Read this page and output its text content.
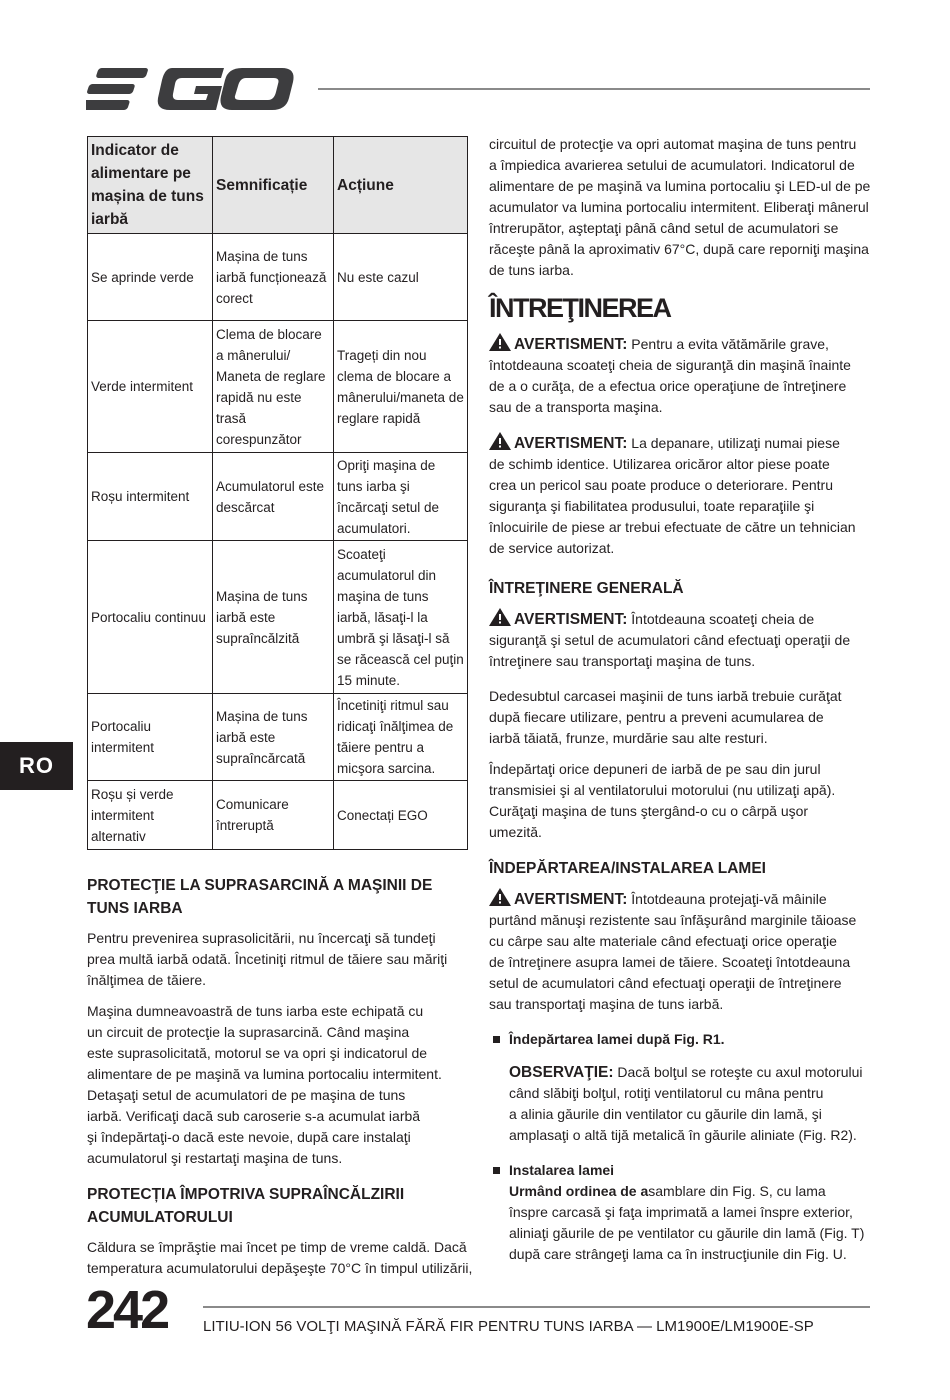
RO
Indicator de alimentare pe mașina de tuns iarbă	Semnificație	Acțiune
Se aprinde verde	Mașina de tuns iarbă funcționează corect	Nu este cazul
Verde intermitent	Clema de blocare a mânerului/ Maneta de reglare rapidă nu este trasă corespunzător	Trageți din nou clema de blocare a mânerului/maneta de reglare rapidă
Roșu intermitent	Acumulatorul este descărcat	Opriţi maşina de tuns iarba şi încărcaţi setul de acumulatori.
Portocaliu continuu	Mașina de tuns iarbă este supraîncălzită	Scoateţi acumulatorul din maşina de tuns iarbă, lăsaţi-l la umbră şi lăsaţi-l să se răcească cel puţin 15 minute.
Portocaliu intermitent	Mașina de tuns iarbă este supraîncărcată	Încetiniţi ritmul sau ridicaţi înălţimea de tăiere pentru a micşora sarcina.
Roșu și verde intermitent alternativ	Comunicare întreruptă	Conectați EGO
PROTECŢIE LA SUPRASARCINĂ A MAŞINII DE
TUNS IARBA

Pentru prevenirea suprasolicitării, nu încercaţi să tundeţi
prea multă iarbă odată. Încetiniţi ritmul de tăiere sau măriţi
înălţimea de tăiere.

Maşina dumneavoastră de tuns iarba este echipată cu
un circuit de protecţie la suprasarcină. Când maşina
este suprasolicitată, motorul se va opri şi indicatorul de
alimentare de pe maşină va lumina portocaliu intermitent.
Detaşaţi setul de acumulatori de pe maşina de tuns
iarbă. Verificaţi dacă sub caroserie s-a acumulat iarbă
şi îndepărtaţi-o dacă este nevoie, după care instalaţi
acumulatorul şi restartaţi maşina de tuns.

PROTECȚIA ÎMPOTRIVA SUPRAÎNCĂLZIRII
ACUMULATORULUI

Căldura se împrăştie mai încet pe timp de vreme caldă. Dacă
temperatura acumulatorului depăşeşte 70°C în timpul utilizării,

circuitul de protecţie va opri automat maşina de tuns pentru
a împiedica avarierea setului de acumulatori. Indicatorul de
alimentare de pe maşină va lumina portocaliu şi LED-ul de pe
acumulator va lumina portocaliu intermitent. Eliberaţi mânerul
întrerupător, aşteptaţi până când setul de acumulatori se
răceşte până la aproximativ 67°C, după care reporniţi maşina
de tuns iarba.

ÎNTREŢINEREA

AVERTISMENT: Pentru a evita vătămările grave,
întotdeauna scoateţi cheia de siguranţă din maşină înainte
de a o curăţa, de a efectua orice operaţiune de întreţinere
sau de a transporta maşina.

AVERTISMENT: La depanare, utilizaţi numai piese
de schimb identice. Utilizarea oricăror altor piese poate
crea un pericol sau poate produce o deteriorare. Pentru
siguranţa şi fiabilitatea produsului, toate reparaţiile şi
înlocuirile de piese ar trebui efectuate de către un tehnician
de service autorizat.

ÎNTREŢINERE GENERALĂ

AVERTISMENT: Întotdeauna scoateţi cheia de
siguranţă şi setul de acumulatori când efectuaţi operaţii de
întreţinere sau transportaţi maşina de tuns.

Dedesubtul carcasei maşinii de tuns iarbă trebuie curăţat
după fiecare utilizare, pentru a preveni acumularea de
iarbă tăiată, frunze, murdărie sau alte resturi.

Îndepărtaţi orice depuneri de iarbă de pe sau din jurul
transmisiei şi al ventilatorului motorului (nu utilizaţi apă).
Curăţaţi maşina de tuns ştergând-o cu o cârpă uşor
umezită.

ÎNDEPĂRTAREA/INSTALAREA LAMEI

AVERTISMENT: Întotdeauna protejaţi-vă mâinile
purtând mănuşi rezistente sau înfăşurând marginile tăioase
cu cârpe sau alte materiale când efectuaţi orice operaţie
de întreţinere asupra lamei de tăiere. Scoateţi întotdeauna
setul de acumulatori când efectuaţi operaţii de întreţinere
sau transportaţi maşina de tuns iarbă.

Îndepărtarea lamei după Fig. R1.

OBSERVAŢIE: Dacă bolţul se roteşte cu axul motorului
când slăbiţi bolţul, rotiţi ventilatorul cu mâna pentru
a alinia găurile din ventilator cu găurile din lamă, şi
amplasaţi o altă tijă metalică în găurile aliniate (Fig. R2).

Instalarea lamei
Urmând ordinea de asamblare din Fig. S, cu lama
înspre carcasă şi faţa imprimată a lamei înspre exterior,
aliniaţi găurile de pe ventilator cu găurile din lamă (Fig. T)
după care strângeţi lama ca în instrucţiunile din Fig. U.
242 LITIU-ION 56 VOLŢI MAŞINĂ FĂRĂ FIR PENTRU TUNS IARBA — LM1900E/LM1900E-SP
